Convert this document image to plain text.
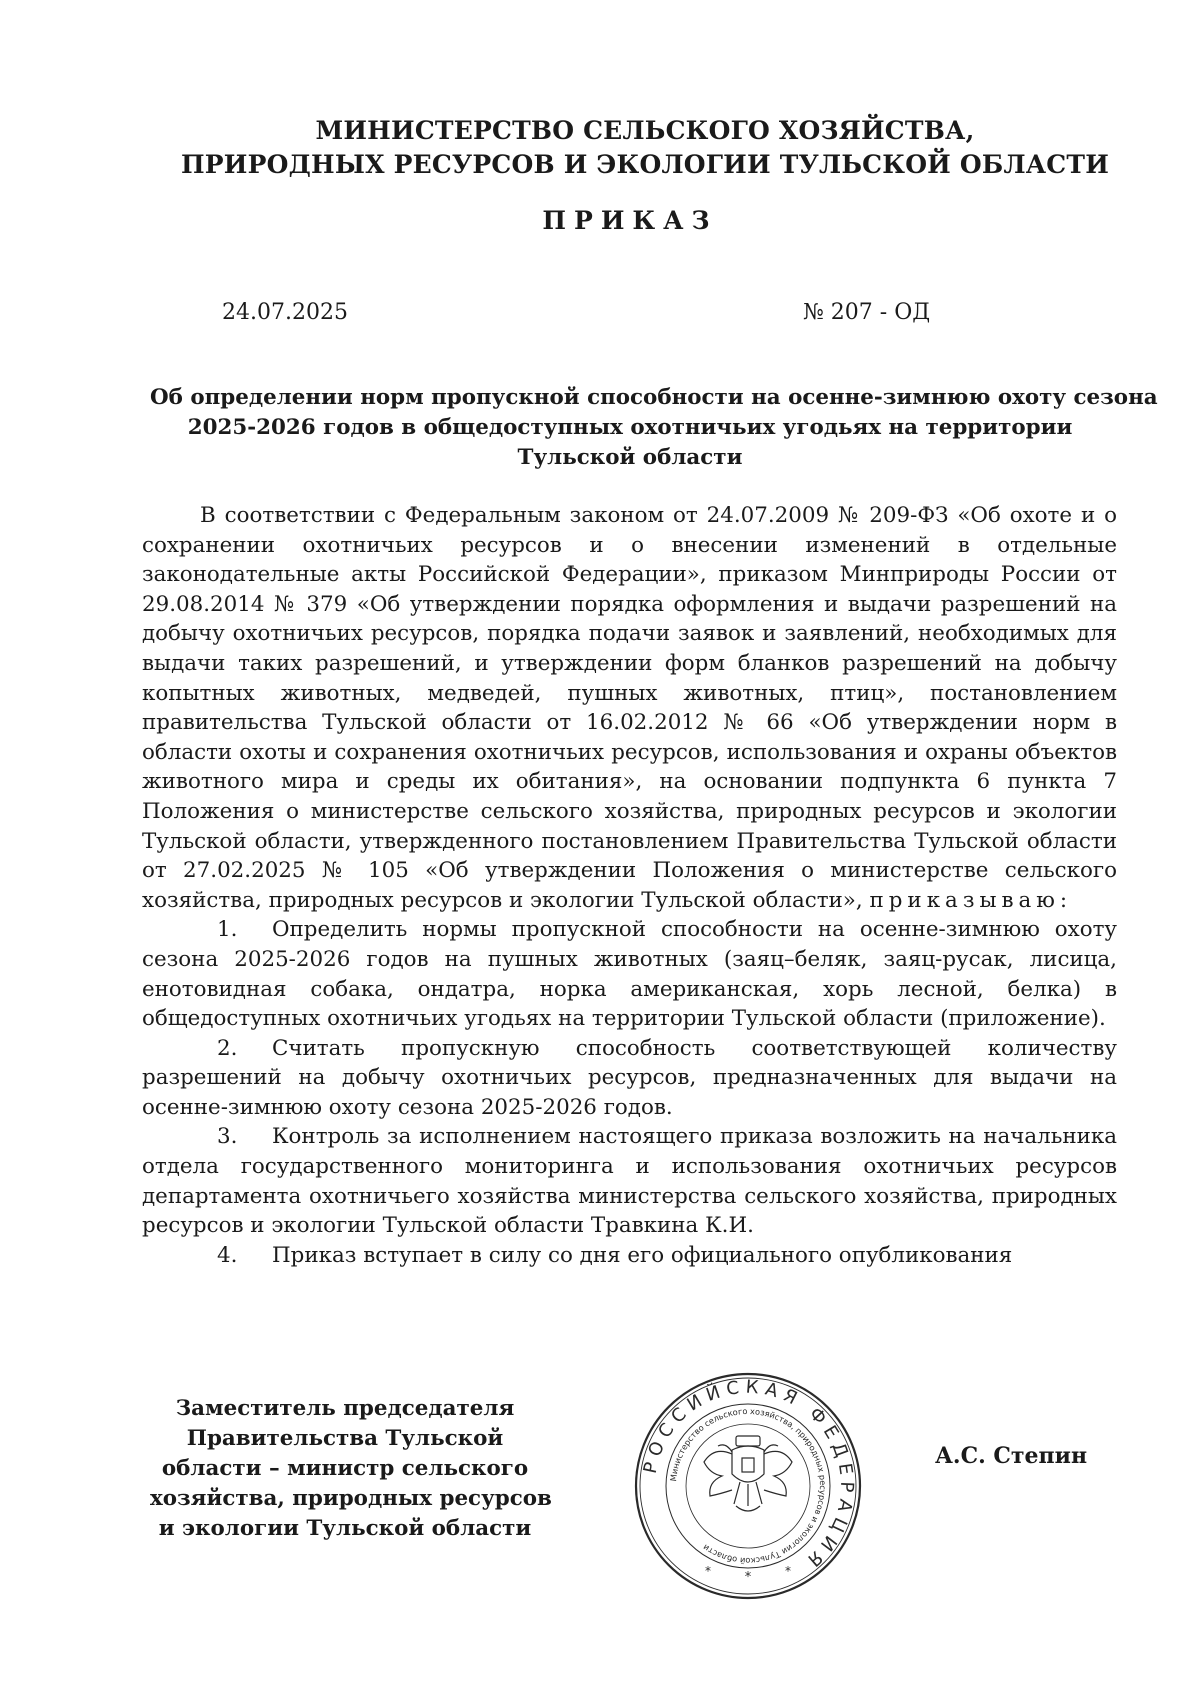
МИНИСТЕРСТВО СЕЛЬСКОГО ХОЗЯЙСТВА,
ПРИРОДНЫХ РЕСУРСОВ И ЭКОЛОГИИ ТУЛЬСКОЙ ОБЛАСТИ
ПРИКАЗ
24.07.2025	№ 207 - ОД
Об определении норм пропускной способности на осенне-зимнюю охоту сезона
2025-2026 годов в общедоступных охотничьих угодьях на территории
Тульской области

В соответствии с Федеральным законом от 24.07.2009 № 209-ФЗ «Об охоте и о сохранении охотничьих ресурсов и о внесении изменений в отдельные законодательные акты Российской Федерации», приказом Минприроды России от 29.08.2014 № 379 «Об утверждении порядка оформления и выдачи разрешений на добычу охотничьих ресурсов, порядка подачи заявок и заявлений, необходимых для выдачи таких разрешений, и утверждении форм бланков разрешений на добычу копытных животных, медведей, пушных животных, птиц», постановлением правительства Тульской области от 16.02.2012 № 66 «Об утверждении норм в области охоты и сохранения охотничьих ресурсов, использования и охраны объектов животного мира и среды их обитания», на основании подпункта 6 пункта 7 Положения о министерстве сельского хозяйства, природных ресурсов и экологии Тульской области, утвержденного постановлением Правительства Тульской области от 27.02.2025 № 105 «Об утверждении Положения о министерстве сельского хозяйства, природных ресурсов и экологии Тульской области», приказываю:

1. Определить нормы пропускной способности на осенне-зимнюю охоту сезона 2025-2026 годов на пушных животных (заяц–беляк, заяц-русак, лисица, енотовидная собака, ондатра, норка американская, хорь лесной, белка) в общедоступных охотничьих угодьях на территории Тульской области (приложение).

2. Считать пропускную способность соответствующей количеству разрешений на добычу охотничьих ресурсов, предназначенных для выдачи на осенне-зимнюю охоту сезона 2025-2026 годов.

3. Контроль за исполнением настоящего приказа возложить на начальника отдела государственного мониторинга и использования охотничьих ресурсов департамента охотничьего хозяйства министерства сельского хозяйства, природных ресурсов и экологии Тульской области Травкина К.И.

4. Приказ вступает в силу со дня его официального опубликования

Заместитель председателя
Правительства Тульской
области – министр сельского
хозяйства, природных ресурсов
и экологии Тульской области
РОССИЙСКАЯ ФЕДЕРАЦИЯ
Министерство сельского хозяйства, природных ресурсов и экологии Тульской области
*
*	*
А.С. Степин
